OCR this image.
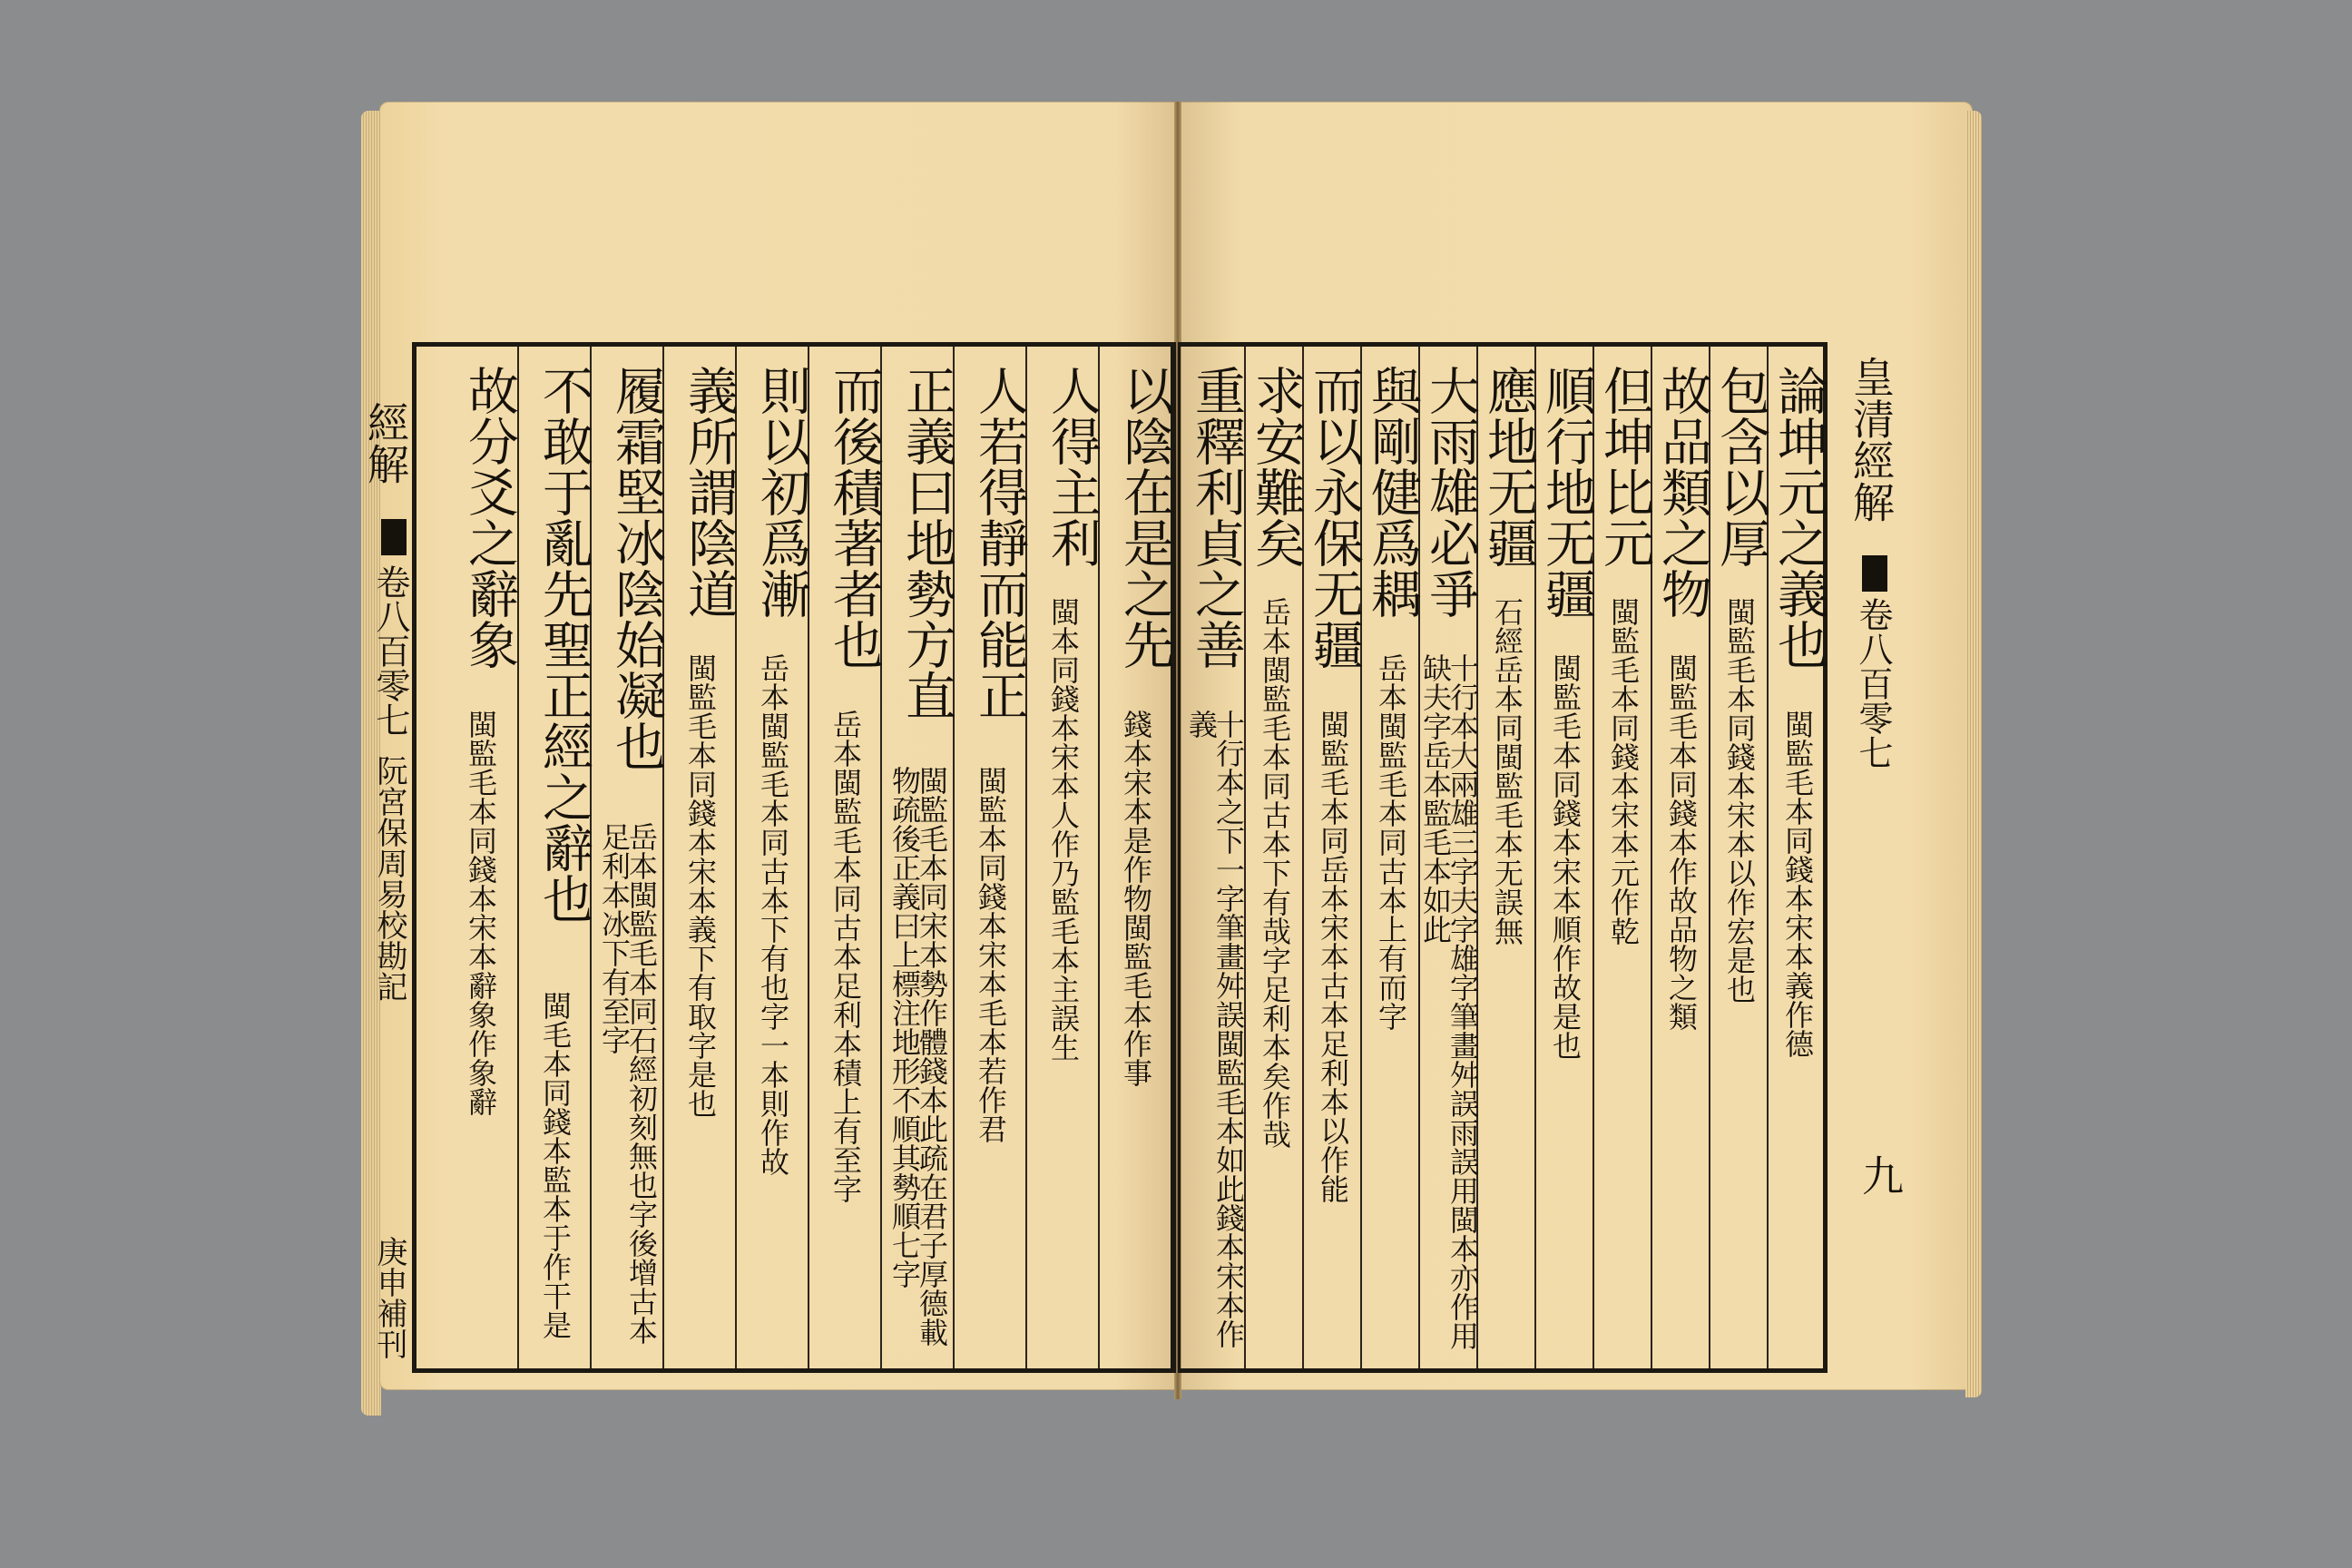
經解
卷八百零七
阮宮保周易校勘記
庚申補刊
以陰在是之先
錢本宋本是作物閩監毛本作事
人得主利
閩本同錢本宋本人作乃監毛本主誤生
人若得靜而能正
閩監本同錢本宋本毛本若作君
正義曰地勢方直
閩監毛本同宋本勢作體錢本此疏在君子厚德載
物疏後正義曰上標注地形不順其勢順七字
而後積著者也
岳本閩監毛本同古本足利本積上有至字
則以初爲漸
岳本閩監毛本同古本下有也字一本則作故
義所謂陰道
閩監毛本同錢本宋本義下有取字是也
履霜堅冰陰始凝也
岳本閩監毛本同石經初刻無也字後增古本
足利本冰下有至字
不敢于亂先聖正經之辭也
閩毛本同錢本監本于作干是
故分爻之辭象
閩監毛本同錢本宋本辭象作象辭
論坤元之義也
閩監毛本同錢本宋本義作德
包含以厚
閩監毛本同錢本宋本以作宏是也
故品類之物
閩監毛本同錢本作故品物之類
但坤比元
閩監毛本同錢本宋本元作乾
順行地无疆
閩監毛本同錢本宋本順作故是也
應地无疆
石經岳本同閩監毛本无誤無
大雨雄必爭
十行本大兩雄三字夫字雄字筆畫舛誤雨誤用閩本亦作用
缺夫字岳本監毛本如此
與剛健爲耦
岳本閩監毛本同古本上有而字
而以永保无疆
閩監毛本同岳本宋本古本足利本以作能
求安難矣
岳本閩監毛本同古本下有哉字足利本矣作哉
重釋利貞之善
十行本之下一字筆畫舛誤閩監毛本如此錢本宋本作
義
皇清經解
卷八百零七
九
